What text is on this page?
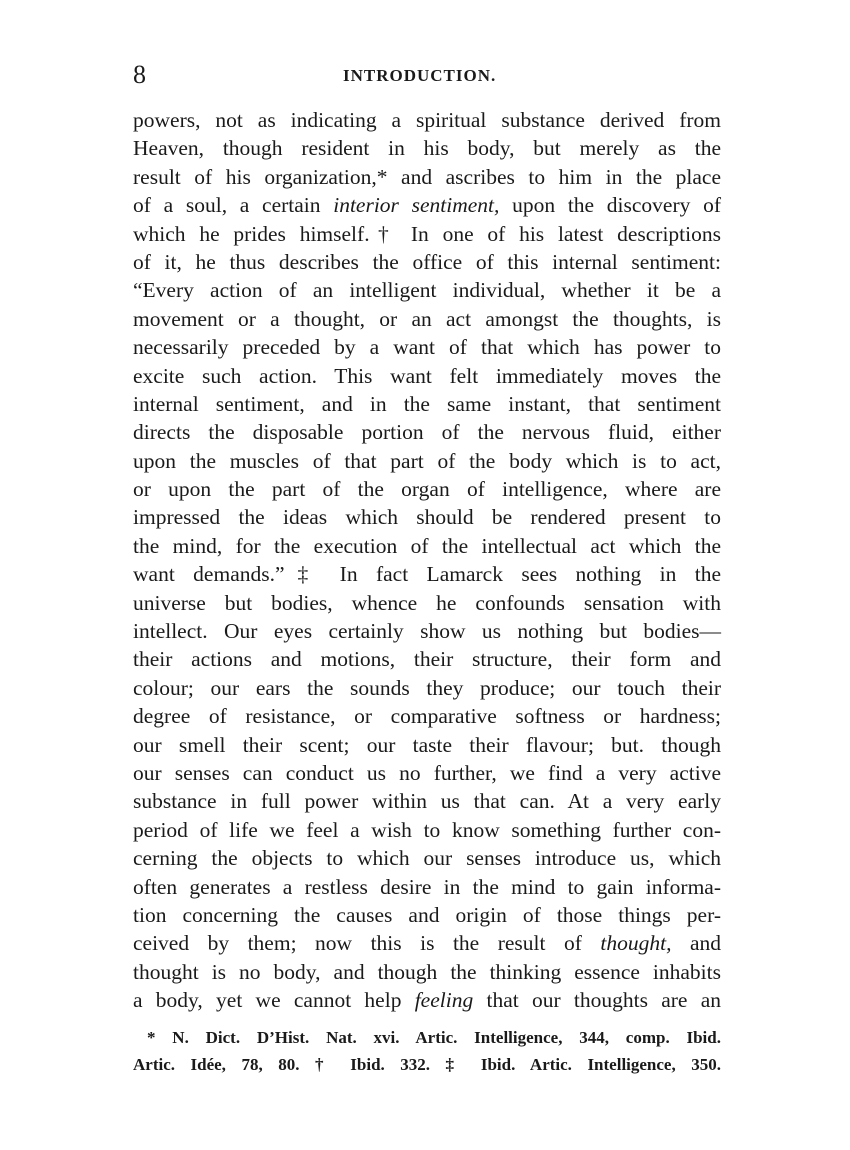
8	INTRODUCTION.
powers, not as indicating a spiritual substance derived from
Heaven, though resident in his body, but merely as the
result of his organization,* and ascribes to him in the place
of a soul, a certain interior sentiment, upon the discovery of
which he prides himself.† In one of his latest descriptions
of it, he thus describes the office of this internal sentiment:
“Every action of an intelligent individual, whether it be a
movement or a thought, or an act amongst the thoughts, is
necessarily preceded by a want of that which has power to
excite such action. This want felt immediately moves the
internal sentiment, and in the same instant, that sentiment
directs the disposable portion of the nervous fluid, either
upon the muscles of that part of the body which is to act,
or upon the part of the organ of intelligence, where are
impressed the ideas which should be rendered present to
the mind, for the execution of the intellectual act which the
want demands.”‡ In fact Lamarck sees nothing in the
universe but bodies, whence he confounds sensation with
intellect. Our eyes certainly show us nothing but bodies—
their actions and motions, their structure, their form and
colour; our ears the sounds they produce; our touch their
degree of resistance, or comparative softness or hardness;
our smell their scent; our taste their flavour; but. though
our senses can conduct us no further, we find a very active
substance in full power within us that can. At a very early
period of life we feel a wish to know something further con-
cerning the objects to which our senses introduce us, which
often generates a restless desire in the mind to gain informa-
tion concerning the causes and origin of those things per-
ceived by them; now this is the result of thought, and
thought is no body, and though the thinking essence inhabits
a body, yet we cannot help feeling that our thoughts are an
* N. Dict. D’Hist. Nat. xvi. Artic. Intelligence, 344, comp. Ibid.
Artic. Idée, 78, 80. † Ibid. 332. ‡ Ibid. Artic. Intelligence, 350.
